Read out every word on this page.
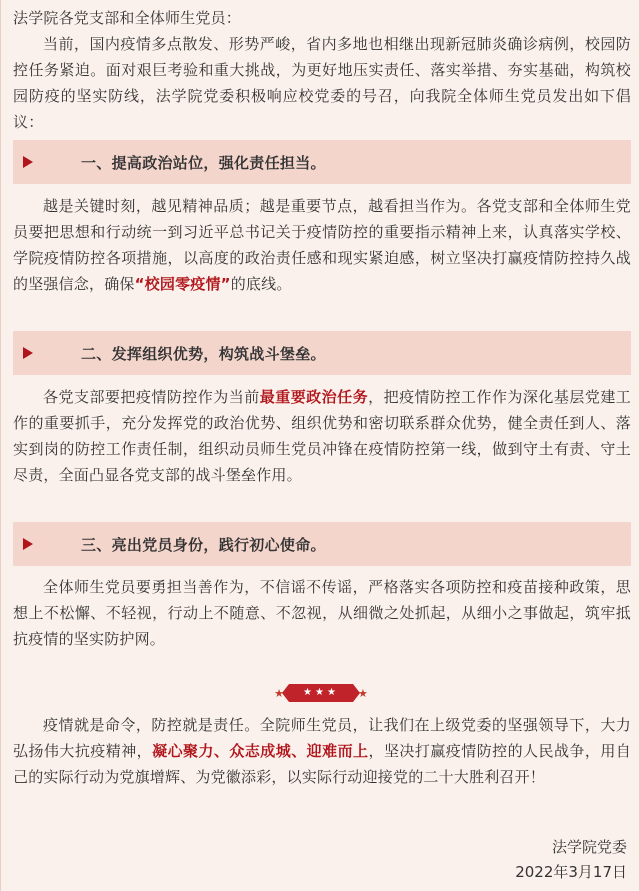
法学院各党支部和全体师生党员：

当前，国内疫情多点散发、形势严峻，省内多地也相继出现新冠肺炎确诊病例，校园防控任务紧迫。面对艰巨考验和重大挑战，为更好地压实责任、落实举措、夯实基础，构筑校园防疫的坚实防线，法学院党委积极响应校党委的号召，向我院全体师生党员发出如下倡议：

一、提高政治站位，强化责任担当。

越是关键时刻，越见精神品质；越是重要节点，越看担当作为。各党支部和全体师生党员要把思想和行动统一到习近平总书记关于疫情防控的重要指示精神上来，认真落实学校、学院疫情防控各项措施，以高度的政治责任感和现实紧迫感，树立坚决打赢疫情防控持久战的坚强信念，确保“校园零疫情”的底线。

二、发挥组织优势，构筑战斗堡垒。

各党支部要把疫情防控作为当前最重要政治任务，把疫情防控工作作为深化基层党建工作的重要抓手，充分发挥党的政治优势、组织优势和密切联系群众优势，健全责任到人、落实到岗的防控工作责任制，组织动员师生党员冲锋在疫情防控第一线，做到守土有责、守土尽责，全面凸显各党支部的战斗堡垒作用。

三、亮出党员身份，践行初心使命。

全体师生党员要勇担当善作为，不信谣不传谣，严格落实各项防控和疫苗接种政策，思想上不松懈、不轻视，行动上不随意、不忽视，从细微之处抓起，从细小之事做起，筑牢抵抗疫情的坚实防护网。

★	★★★	★

疫情就是命令，防控就是责任。全院师生党员，让我们在上级党委的坚强领导下，大力弘扬伟大抗疫精神，凝心聚力、众志成城、迎难而上，坚决打赢疫情防控的人民战争，用自己的实际行动为党旗增辉、为党徽添彩，以实际行动迎接党的二十大胜利召开！

法学院党委

2022年3月17日
